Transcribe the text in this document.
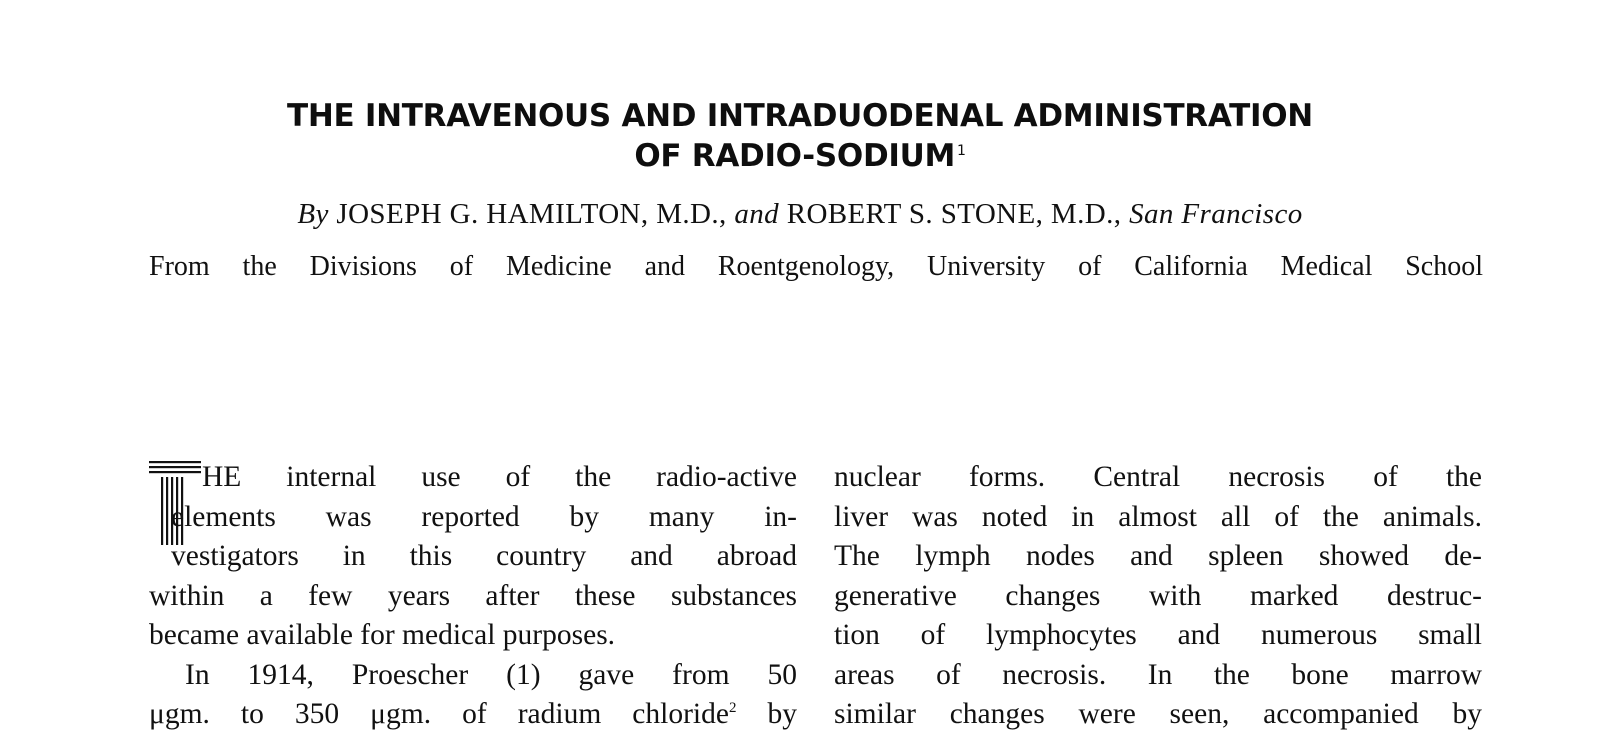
THE INTRAVENOUS AND INTRADUODENAL ADMINISTRATION
OF RADIO-SODIUM $^1$
By JOSEPH G. HAMILTON, M.D., and ROBERT S. STONE, M.D., San Francisco
From the Divisions of Medicine and Roentgenology, University of California Medical School
HE internal use of the radio-active
elements was reported by many in-
vestigators in this country and abroad
within a few years after these substances
became available for medical purposes.
In 1914, Proescher (1) gave from 50
μgm. to 350 μgm. of radium chloride$^2$ by
nuclear forms. Central necrosis of the
liver was noted in almost all of the animals.
The lymph nodes and spleen showed de-
generative changes with marked destruc-
tion of lymphocytes and numerous small
areas of necrosis. In the bone marrow
similar changes were seen, accompanied by
